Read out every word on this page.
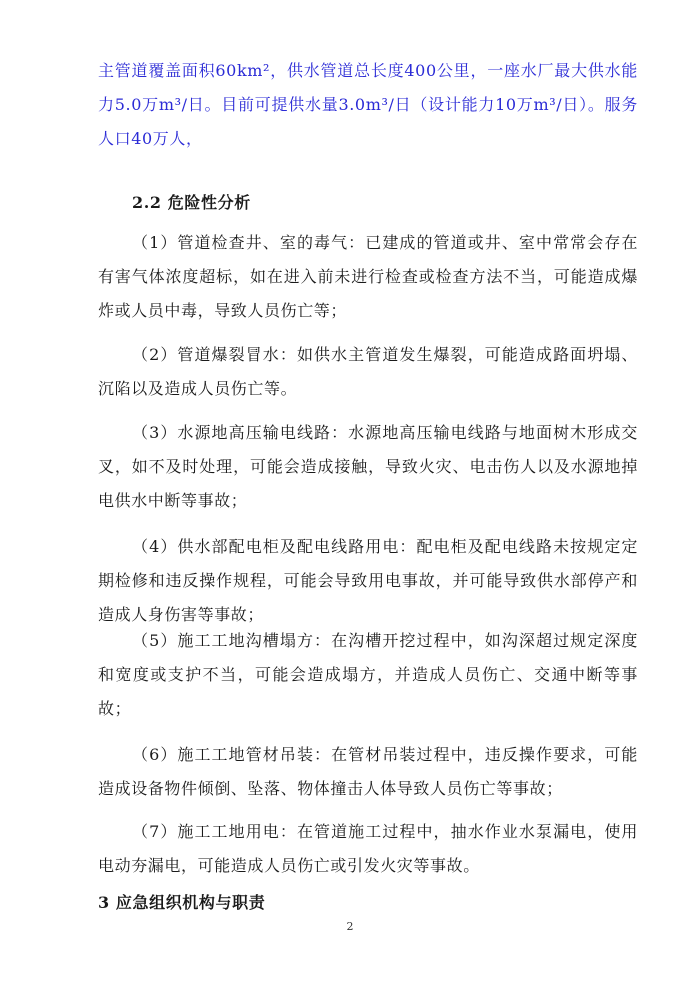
主管道覆盖面积60km²，供水管道总长度400公里，一座水厂最大供水能力5.0万m³/日。目前可提供水量3.0m³/日（设计能力10万m³/日）。服务人口40万人，

2.2 危险性分析

（1）管道检查井、室的毒气：已建成的管道或井、室中常常会存在有害气体浓度超标，如在进入前未进行检查或检查方法不当，可能造成爆炸或人员中毒，导致人员伤亡等；

（2）管道爆裂冒水：如供水主管道发生爆裂，可能造成路面坍塌、沉陷以及造成人员伤亡等。

（3）水源地高压输电线路：水源地高压输电线路与地面树木形成交叉，如不及时处理，可能会造成接触，导致火灾、电击伤人以及水源地掉电供水中断等事故；

（4）供水部配电柜及配电线路用电：配电柜及配电线路未按规定定期检修和违反操作规程，可能会导致用电事故，并可能导致供水部停产和造成人身伤害等事故；

（5）施工工地沟槽塌方：在沟槽开挖过程中，如沟深超过规定深度和宽度或支护不当，可能会造成塌方，并造成人员伤亡、交通中断等事故；

（6）施工工地管材吊装：在管材吊装过程中，违反操作要求，可能造成设备物件倾倒、坠落、物体撞击人体导致人员伤亡等事故；

（7）施工工地用电：在管道施工过程中，抽水作业水泵漏电，使用电动夯漏电，可能造成人员伤亡或引发火灾等事故。

3 应急组织机构与职责
2
